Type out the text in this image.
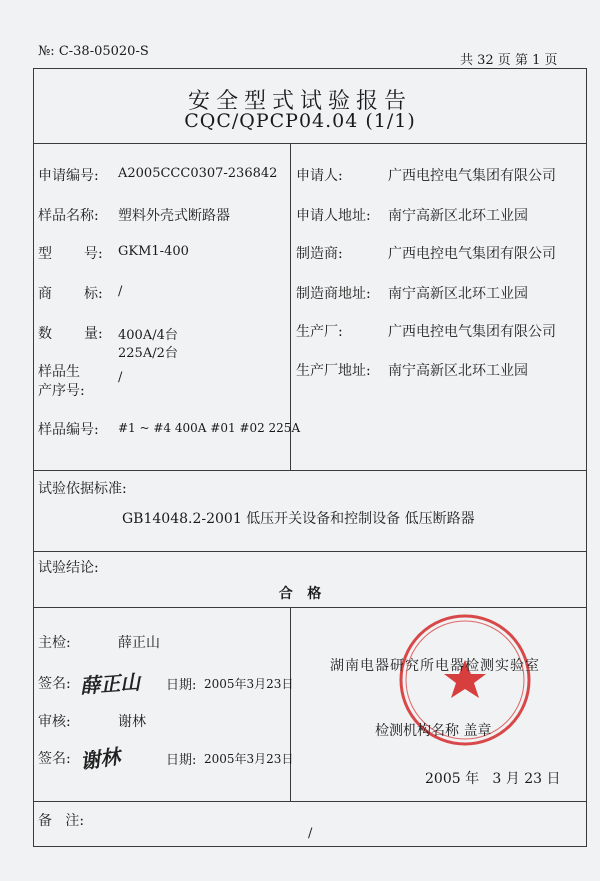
№: C-38-05020-S
共 32 页 第 1 页
安全型式试验报告
CQC/QPCP04.04 (1/1)
申请编号: A2005CCC0307-236842
样品名称: 塑料外壳式断路器
型 号: GKM1-400
商 标: /
数 量: 400A/4台
225A/2台
样品生
产序号:
/
样品编号: #1 ~ #4 400A #01 #02 225A
申请人:	广西电控电气集团有限公司
申请人地址: 南宁高新区北环工业园
制造商:	广西电控电气集团有限公司
制造商地址: 南宁高新区北环工业园
生产厂:	广西电控电气集团有限公司
生产厂地址: 南宁高新区北环工业园
试验依据标准:
GB14048.2-2001 低压开关设备和控制设备 低压断路器
试验结论:
合   格
主检:	薛正山
签名: 薛正山 日期: 2005年3月23日
审核:	谢林
签名: 谢林	日期: 2005年3月23日
湖南电器研究所电器检测实验室
检测机构名称 盖章
2005 年   3 月 23 日
备   注:
/
